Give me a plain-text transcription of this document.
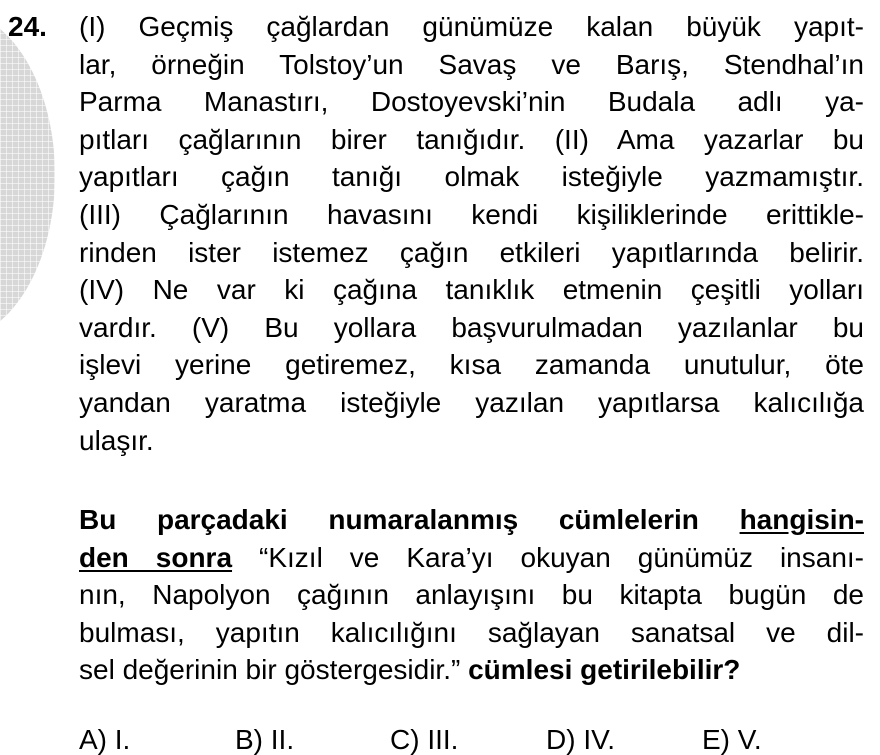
24. (I) Geçmiş çağlardan günümüze kalan büyük yapıt-
lar, örneğin Tolstoy’un Savaş ve Barış, Stendhal’ın
Parma Manastırı, Dostoyevski’nin Budala adlı ya-
pıtları çağlarının birer tanığıdır. (II) Ama yazarlar bu
yapıtları çağın tanığı olmak isteğiyle yazmamıştır.
(III) Çağlarının havasını kendi kişiliklerinde erittikle-
rinden ister istemez çağın etkileri yapıtlarında belirir.
(IV) Ne var ki çağına tanıklık etmenin çeşitli yolları
vardır. (V) Bu yollara başvurulmadan yazılanlar bu
işlevi yerine getiremez, kısa zamanda unutulur, öte
yandan yaratma isteğiyle yazılan yapıtlarsa kalıcılığa
ulaşır.
Bu parçadaki numaralanmış cümlelerin hangisin-
den sonra “Kızıl ve Kara’yı okuyan günümüz insanı-
nın, Napolyon çağının anlayışını bu kitapta bugün de
bulması, yapıtın kalıcılığını sağlayan sanatsal ve dil-
sel değerinin bir göstergesidir.” cümlesi getirilebilir?
A) I.	B) II.	C) III.	D) IV.	E) V.
